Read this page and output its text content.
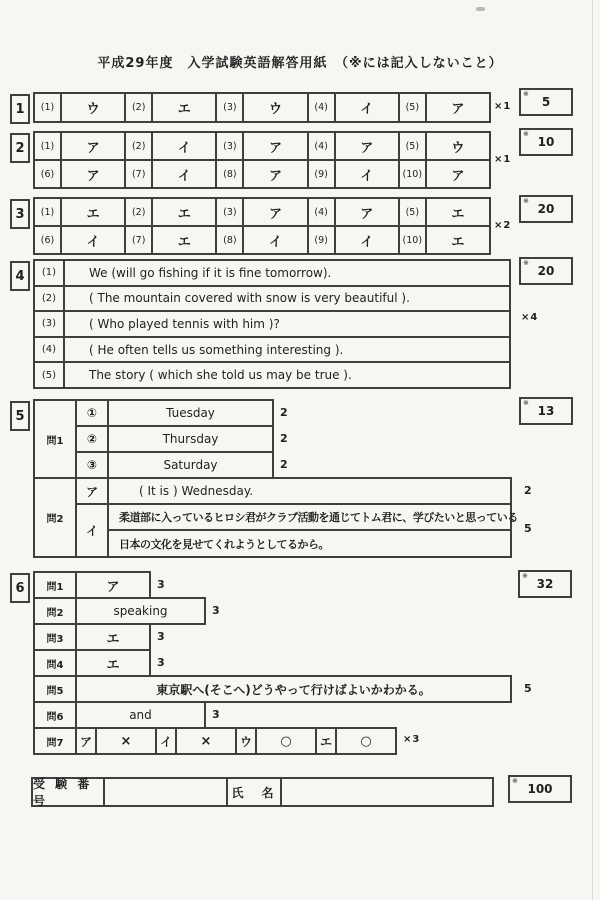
平成29年度　入学試験英語解答用紙　（※には記入しないこと）
1	(1)	ウ	(2)	エ	(3)	ウ	(4)	イ	(5)	ア	×1
※
5
2	(1)	ア	(2)	イ	(3)	ア	(4)	ア	(5)	ウ
(6)	ア	(7)	イ	(8)	ア	(9)	イ	(10)	ア
×1
※
10
3	(1)	エ	(2)	エ	(3)	ア	(4)	ア	(5)	エ
(6)	イ	(7)	エ	(8)	イ	(9)	イ	(10)	エ
×2
※
20
4	(1)	We (will go fishing if it is fine tomorrow).
(2)	( The mountain covered with snow is very beautiful ).
(3)	( Who played tennis with him )?
(4)	( He often tells us something interesting ).
(5)	The story ( which she told us may be true ).
×4
※
20
5
問1
①	Tuesday	2
②	Thursday	2
③	Saturday	2
問2
ア	( It is ) Wednesday.	2
イ
柔道部に入っているヒロシ君がクラブ活動を通じてトム君に、学びたいと思っている
日本の文化を見せてくれようとしてるから。
5
※
13
6	問1	ア	3
問2	speaking	3
問3	エ	3
問4	エ	3
問5	東京駅へ(そこへ)どうやって行けばよいかわかる。	5
問6	and	3
問7	ア	×	イ	×	ウ	○	エ	○	×3
※
32
受 験 番 号
氏　名
※
100
